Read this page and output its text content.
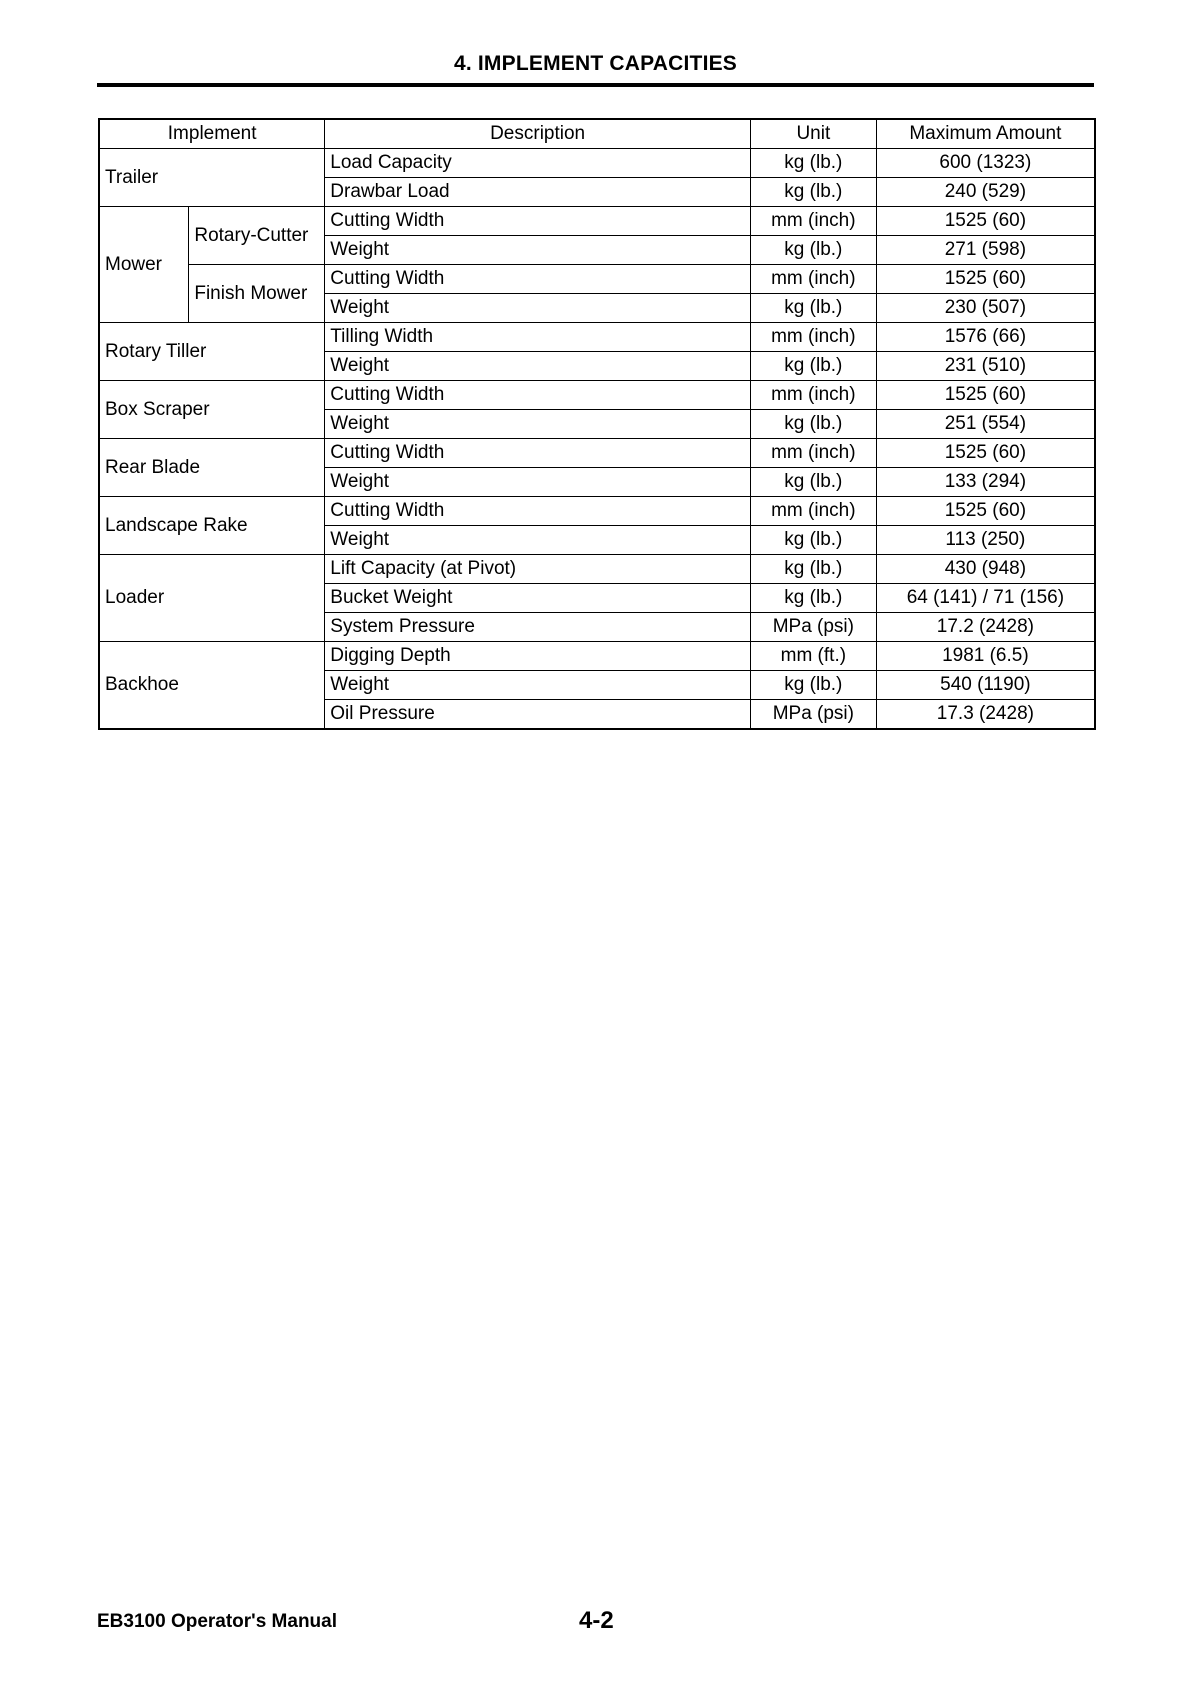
4. IMPLEMENT CAPACITIES
Implement		Description	Unit	Maximum Amount
Trailer		Load Capacity	kg (lb.)	600 (1323)
		Drawbar Load	kg (lb.)	240 (529)
Mower	Rotary-Cutter	Cutting Width	mm (inch)	1525 (60)
		Weight	kg (lb.)	271 (598)
	Finish Mower	Cutting Width	mm (inch)	1525 (60)
		Weight	kg (lb.)	230 (507)
Rotary Tiller		Tilling Width	mm (inch)	1576 (66)
		Weight	kg (lb.)	231 (510)
Box Scraper		Cutting Width	mm (inch)	1525 (60)
		Weight	kg (lb.)	251 (554)
Rear Blade		Cutting Width	mm (inch)	1525 (60)
		Weight	kg (lb.)	133 (294)
Landscape Rake		Cutting Width	mm (inch)	1525 (60)
		Weight	kg (lb.)	113 (250)
Loader		Lift Capacity (at Pivot)	kg (lb.)	430 (948)
		Bucket Weight	kg (lb.)	64 (141) / 71 (156)
		System Pressure	MPa (psi)	17.2 (2428)
Backhoe		Digging Depth	mm (ft.)	1981 (6.5)
		Weight	kg (lb.)	540 (1190)
		Oil Pressure	MPa (psi)	17.3 (2428)
EB3100 Operator's Manual	4-2
